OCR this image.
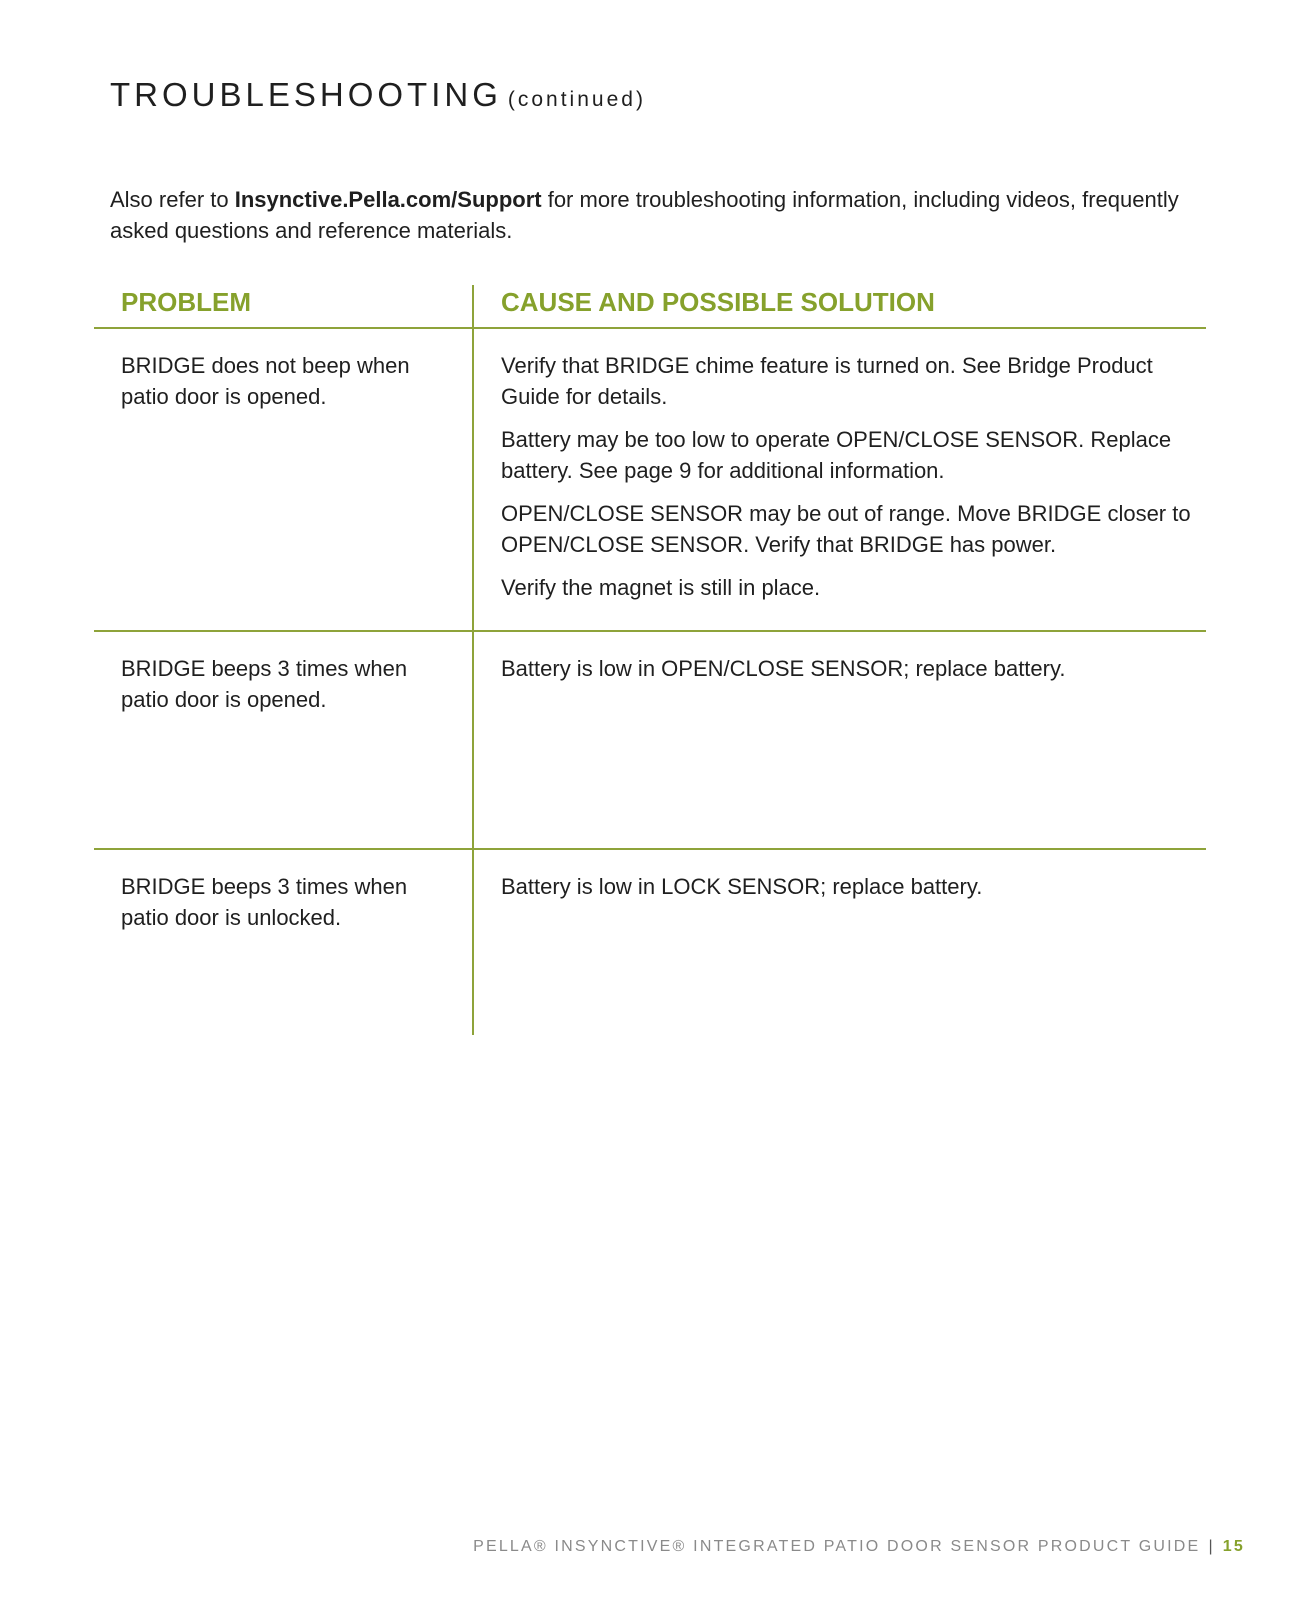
TROUBLESHOOTING (continued)
Also refer to Insynctive.Pella.com/Support for more troubleshooting information, including videos, frequently asked questions and reference materials.
PROBLEM	CAUSE AND POSSIBLE SOLUTION
BRIDGE does not beep when patio door is opened.

Verify that BRIDGE chime feature is turned on. See Bridge Product Guide for details.

Battery may be too low to operate OPEN/CLOSE SENSOR. Replace battery. See page 9 for additional information.

OPEN/CLOSE SENSOR may be out of range. Move BRIDGE closer to OPEN/CLOSE SENSOR. Verify that BRIDGE has power.

Verify the magnet is still in place.

BRIDGE beeps 3 times when patio door is opened.

Battery is low in OPEN/CLOSE SENSOR; replace battery.

BRIDGE beeps 3 times when patio door is unlocked.

Battery is low in LOCK SENSOR; replace battery.

PELLA® INSYNCTIVE® INTEGRATED PATIO DOOR SENSOR PRODUCT GUIDE | 15
